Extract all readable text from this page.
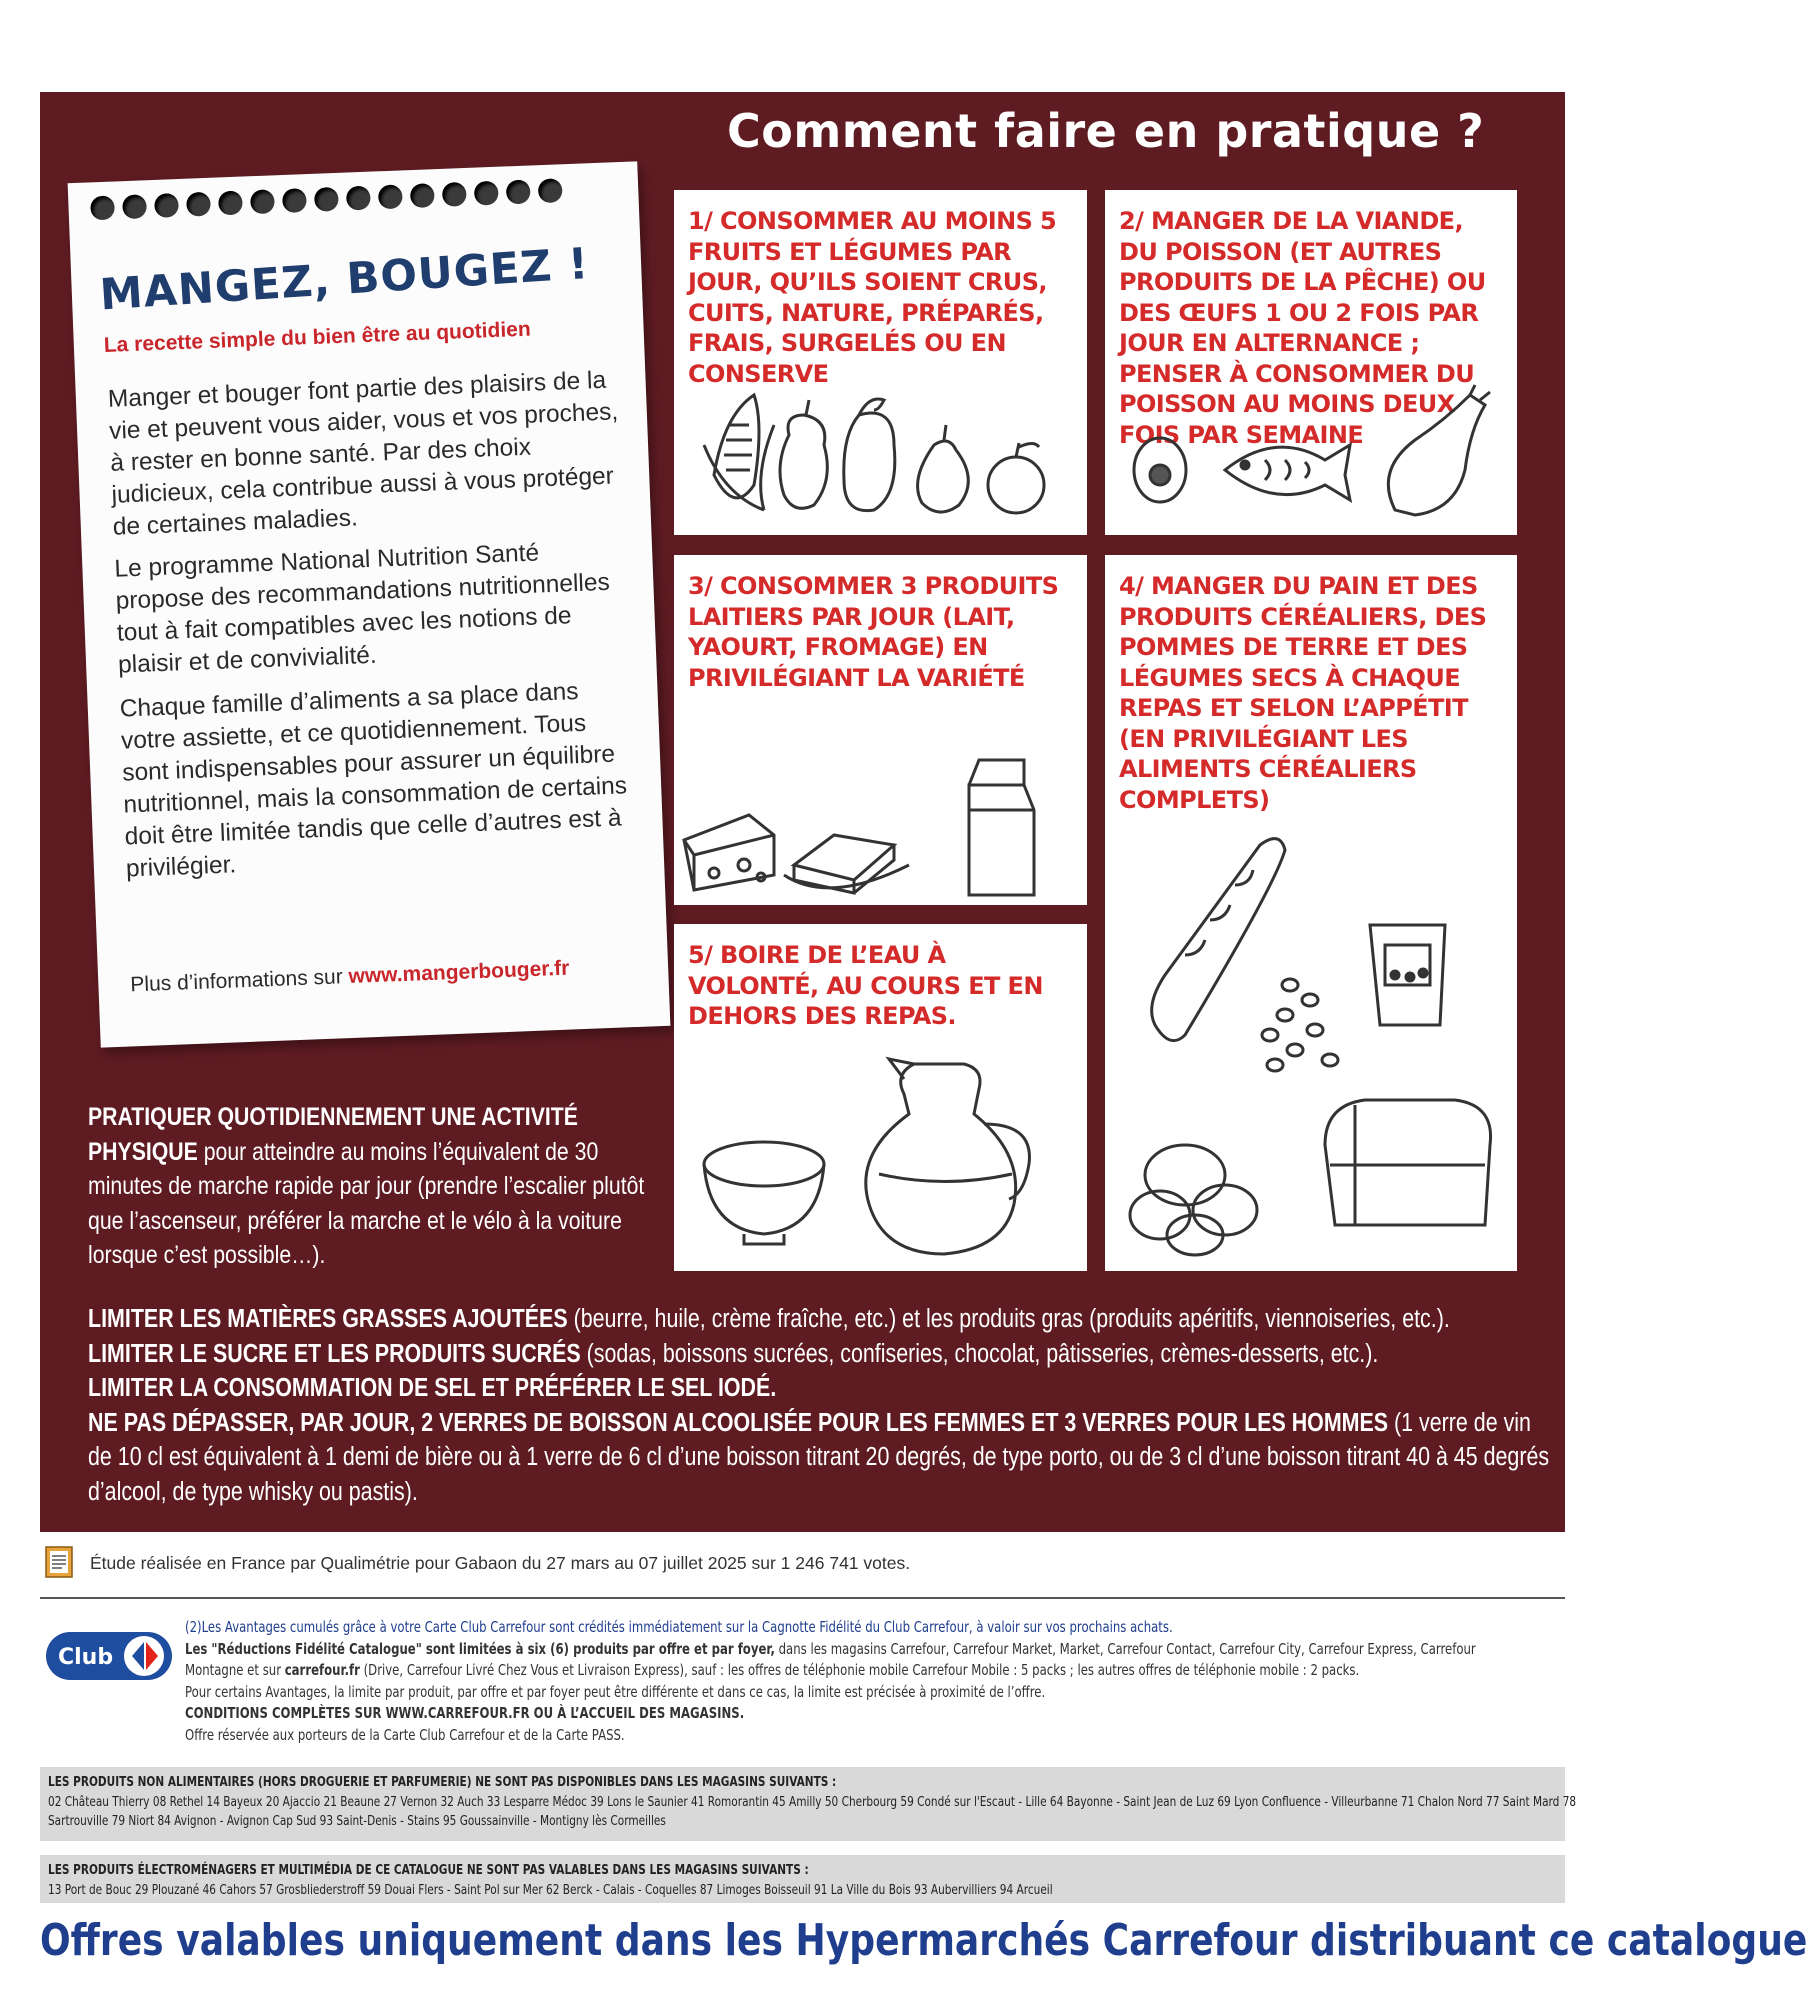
Comment faire en pratique ?
MANGEZ, BOUGEZ !
La recette simple du bien être au quotidien

Manger et bouger font partie des plaisirs de la vie et peuvent vous aider, vous et vos proches, à rester en bonne santé. Par des choix judicieux, cela contribue aussi à vous protéger de certaines maladies.

Le programme National Nutrition Santé propose des recommandations nutritionnelles tout à fait compatibles avec les notions de plaisir et de convivialité.

Chaque famille d’aliments a sa place dans votre assiette, et ce quotidiennement. Tous sont indispensables pour assurer un équilibre nutritionnel, mais la consommation de certains doit être limitée tandis que celle d’autres est à privilégier.

Plus d’informations sur www.mangerbouger.fr
1/ CONSOMMER AU MOINS 5 FRUITS ET LÉGUMES PAR JOUR, QU’ILS SOIENT CRUS, CUITS, NATURE, PRÉPARÉS, FRAIS, SURGELÉS OU EN CONSERVE
2/ MANGER DE LA VIANDE, DU POISSON (ET AUTRES PRODUITS DE LA PÊCHE) OU DES ŒUFS 1 OU 2 FOIS PAR JOUR EN ALTERNANCE ; PENSER À CONSOMMER DU POISSON AU MOINS DEUX FOIS PAR SEMAINE
3/ CONSOMMER 3 PRODUITS LAITIERS PAR JOUR (LAIT, YAOURT, FROMAGE) EN PRIVILÉGIANT LA VARIÉTÉ
4/ MANGER DU PAIN ET DES PRODUITS CÉRÉALIERS, DES POMMES DE TERRE ET DES LÉGUMES SECS À CHAQUE REPAS ET SELON L’APPÉTIT (EN PRIVILÉGIANT LES ALIMENTS CÉRÉALIERS COMPLETS)
5/ BOIRE DE L’EAU À VOLONTÉ, AU COURS ET EN DEHORS DES REPAS.
PRATIQUER QUOTIDIENNEMENT UNE ACTIVITÉ PHYSIQUE pour atteindre au moins l’équivalent de 30 minutes de marche rapide par jour (prendre l’escalier plutôt que l’ascenseur, préférer la marche et le vélo à la voiture lorsque c’est possible…).

LIMITER LES MATIÈRES GRASSES AJOUTÉES (beurre, huile, crème fraîche, etc.) et les produits gras (produits apéritifs, viennoiseries, etc.).

LIMITER LE SUCRE ET LES PRODUITS SUCRÉS (sodas, boissons sucrées, confiseries, chocolat, pâtisseries, crèmes-desserts, etc.).

LIMITER LA CONSOMMATION DE SEL ET PRÉFÉRER LE SEL IODÉ.

NE PAS DÉPASSER, PAR JOUR, 2 VERRES DE BOISSON ALCOOLISÉE POUR LES FEMMES ET 3 VERRES POUR LES HOMMES (1 verre de vin de 10 cl est équivalent à 1 demi de bière ou à 1 verre de 6 cl d’une boisson titrant 20 degrés, de type porto, ou de 3 cl d’une boisson titrant 40 à 45 degrés d’alcool, de type whisky ou pastis).

Étude réalisée en France par Qualimétrie pour Gabaon du 27 mars au 07 juillet 2025 sur 1 246 741 votes.
Club
(2)Les Avantages cumulés grâce à votre Carte Club Carrefour sont crédités immédiatement sur la Cagnotte Fidélité du Club Carrefour, à valoir sur vos prochains achats.
Les "Réductions Fidélité Catalogue" sont limitées à six (6) produits par offre et par foyer, dans les magasins Carrefour, Carrefour Market, Market, Carrefour Contact, Carrefour City, Carrefour Express, Carrefour Montagne et sur carrefour.fr (Drive, Carrefour Livré Chez Vous et Livraison Express), sauf : les offres de téléphonie mobile Carrefour Mobile : 5 packs ; les autres offres de téléphonie mobile : 2 packs.
Pour certains Avantages, la limite par produit, par offre et par foyer peut être différente et dans ce cas, la limite est précisée à proximité de l’offre.
CONDITIONS COMPLÈTES SUR WWW.CARREFOUR.FR OU À L’ACCUEIL DES MAGASINS.
Offre réservée aux porteurs de la Carte Club Carrefour et de la Carte PASS.
LES PRODUITS NON ALIMENTAIRES (HORS DROGUERIE ET PARFUMERIE) NE SONT PAS DISPONIBLES DANS LES MAGASINS SUIVANTS :
02 Château Thierry 08 Rethel 14 Bayeux 20 Ajaccio 21 Beaune 27 Vernon 32 Auch 33 Lesparre Médoc 39 Lons le Saunier 41 Romorantin 45 Amilly 50 Cherbourg 59 Condé sur l'Escaut - Lille 64 Bayonne - Saint Jean de Luz 69 Lyon Confluence - Villeurbanne 71 Chalon Nord 77 Saint Mard 78 Sartrouville 79 Niort 84 Avignon - Avignon Cap Sud 93 Saint-Denis - Stains 95 Goussainville - Montigny lès Cormeilles
LES PRODUITS ÉLECTROMÉNAGERS ET MULTIMÉDIA DE CE CATALOGUE NE SONT PAS VALABLES DANS LES MAGASINS SUIVANTS :
13 Port de Bouc 29 Plouzané 46 Cahors 57 Grosbliederstroff 59 Douai Flers - Saint Pol sur Mer 62 Berck - Calais - Coquelles 87 Limoges Boisseuil 91 La Ville du Bois 93 Aubervilliers 94 Arcueil
Offres valables uniquement dans les Hypermarchés Carrefour distribuant ce catalogue
